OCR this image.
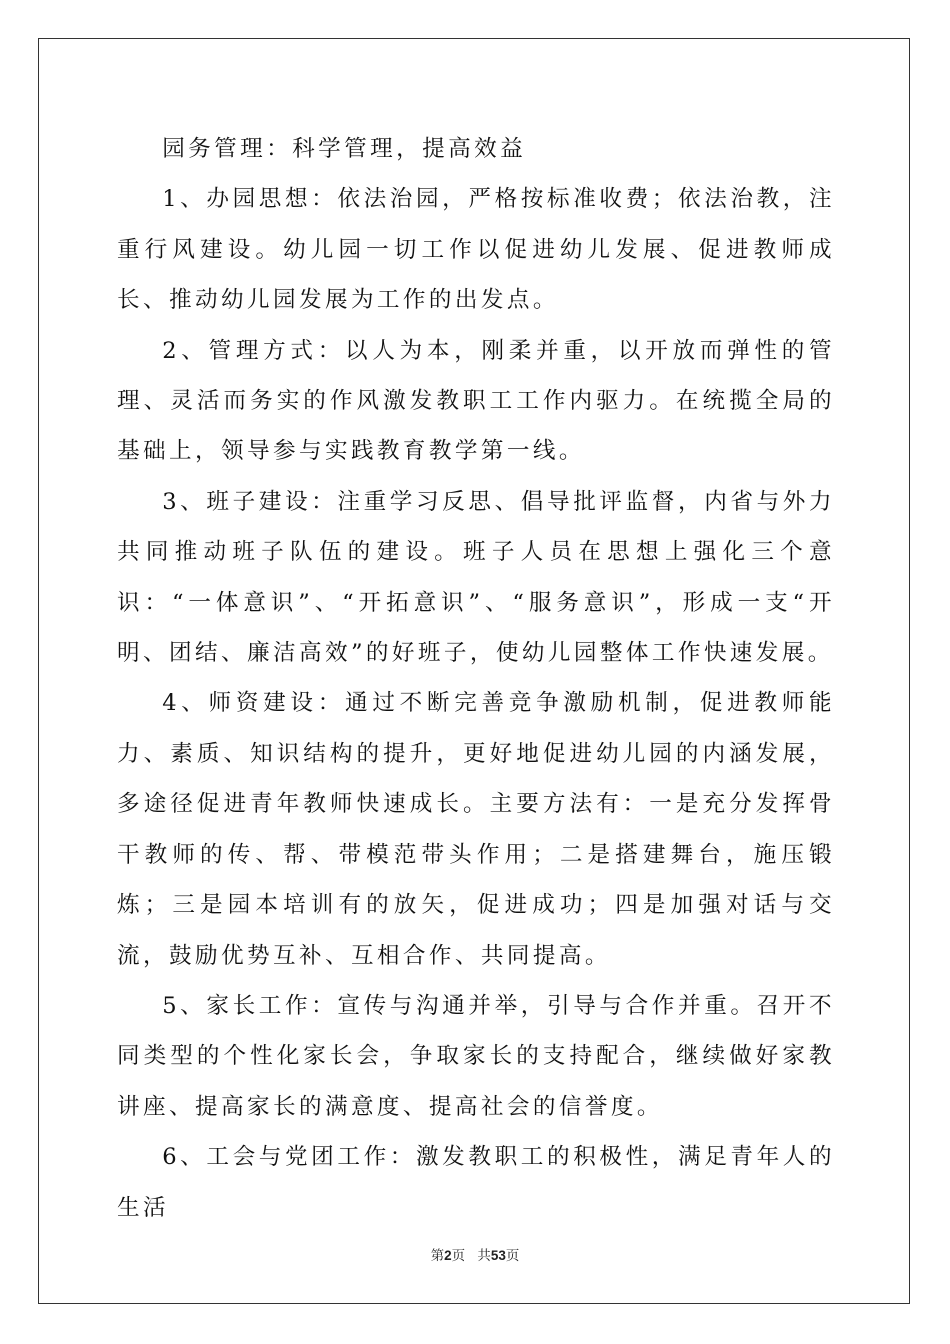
园务管理：科学管理，提高效益

1、办园思想：依法治园，严格按标准收费；依法治教，注重行风建设。幼儿园一切工作以促进幼儿发展、促进教师成长、推动幼儿园发展为工作的出发点。

2、管理方式：以人为本，刚柔并重，以开放而弹性的管理、灵活而务实的作风激发教职工工作内驱力。在统揽全局的基础上，领导参与实践教育教学第一线。

3、班子建设：注重学习反思、倡导批评监督，内省与外力共同推动班子队伍的建设。班子人员在思想上强化三个意识：“一体意识”、“开拓意识”、“服务意识”，形成一支“开明、团结、廉洁高效”的好班子，使幼儿园整体工作快速发展。

4、师资建设：通过不断完善竞争激励机制，促进教师能力、素质、知识结构的提升，更好地促进幼儿园的内涵发展，多途径促进青年教师快速成长。主要方法有：一是充分发挥骨干教师的传、帮、带模范带头作用；二是搭建舞台，施压锻炼；三是园本培训有的放矢，促进成功；四是加强对话与交流，鼓励优势互补、互相合作、共同提高。

5、家长工作：宣传与沟通并举，引导与合作并重。召开不同类型的个性化家长会，争取家长的支持配合，继续做好家教讲座、提高家长的满意度、提高社会的信誉度。

6、工会与党团工作：激发教职工的积极性，满足青年人的生活

第2页 共53页
